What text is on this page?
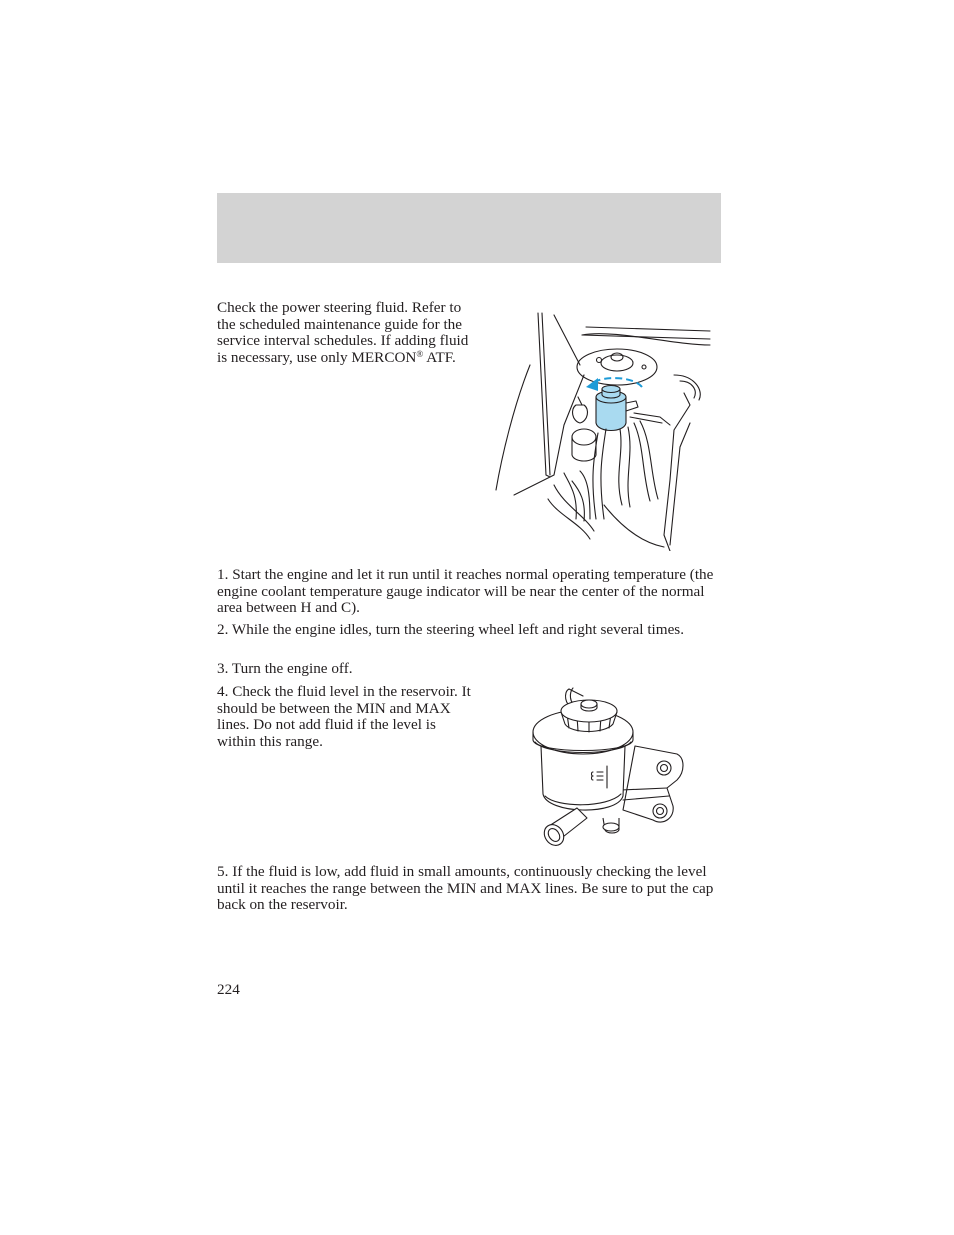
Check the power steering fluid. Refer to the scheduled maintenance guide for the service interval schedules. If adding fluid is necessary, use only MERCON® ATF.

1. Start the engine and let it run until it reaches normal operating temperature (the engine coolant temperature gauge indicator will be near the center of the normal area between H and C).

2. While the engine idles, turn the steering wheel left and right several times.

3. Turn the engine off.

4. Check the fluid level in the reservoir. It should be between the MIN and MAX lines. Do not add fluid if the level is within this range.

5. If the fluid is low, add fluid in small amounts, continuously checking the level until it reaches the range between the MIN and MAX lines. Be sure to put the cap back on the reservoir.

224
